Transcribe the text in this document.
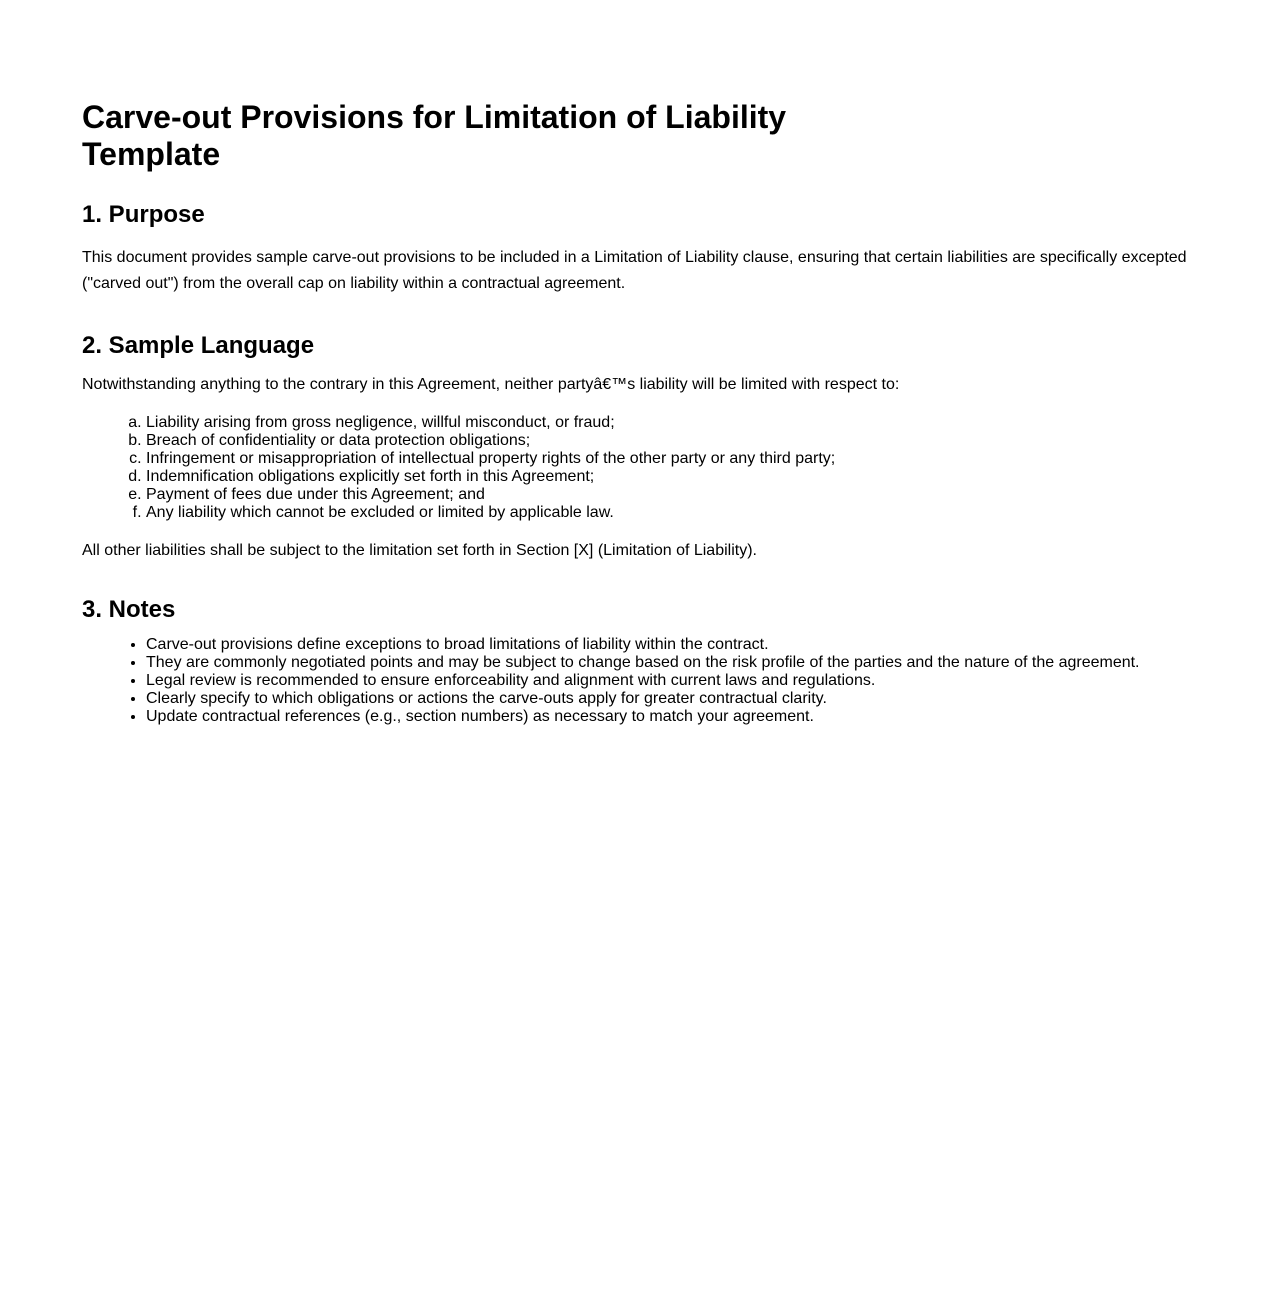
Carve-out Provisions for Limitation of Liability Template
1. Purpose

This document provides sample carve-out provisions to be included in a Limitation of Liability clause, ensuring that certain liabilities are specifically excepted ("carved out") from the overall cap on liability within a contractual agreement.

2. Sample Language

Notwithstanding anything to the contrary in this Agreement, neither partyâ€™s liability will be limited with respect to:

a. Liability arising from gross negligence, willful misconduct, or fraud;
b. Breach of confidentiality or data protection obligations;
c. Infringement or misappropriation of intellectual property rights of the other party or any third party;
d. Indemnification obligations explicitly set forth in this Agreement;
e. Payment of fees due under this Agreement; and
f. Any liability which cannot be excluded or limited by applicable law.

All other liabilities shall be subject to the limitation set forth in Section [X] (Limitation of Liability).

3. Notes
• Carve-out provisions define exceptions to broad limitations of liability within the contract.
• They are commonly negotiated points and may be subject to change based on the risk profile of the parties and the nature of the agreement.
• Legal review is recommended to ensure enforceability and alignment with current laws and regulations.
• Clearly specify to which obligations or actions the carve-outs apply for greater contractual clarity.
• Update contractual references (e.g., section numbers) as necessary to match your agreement.
